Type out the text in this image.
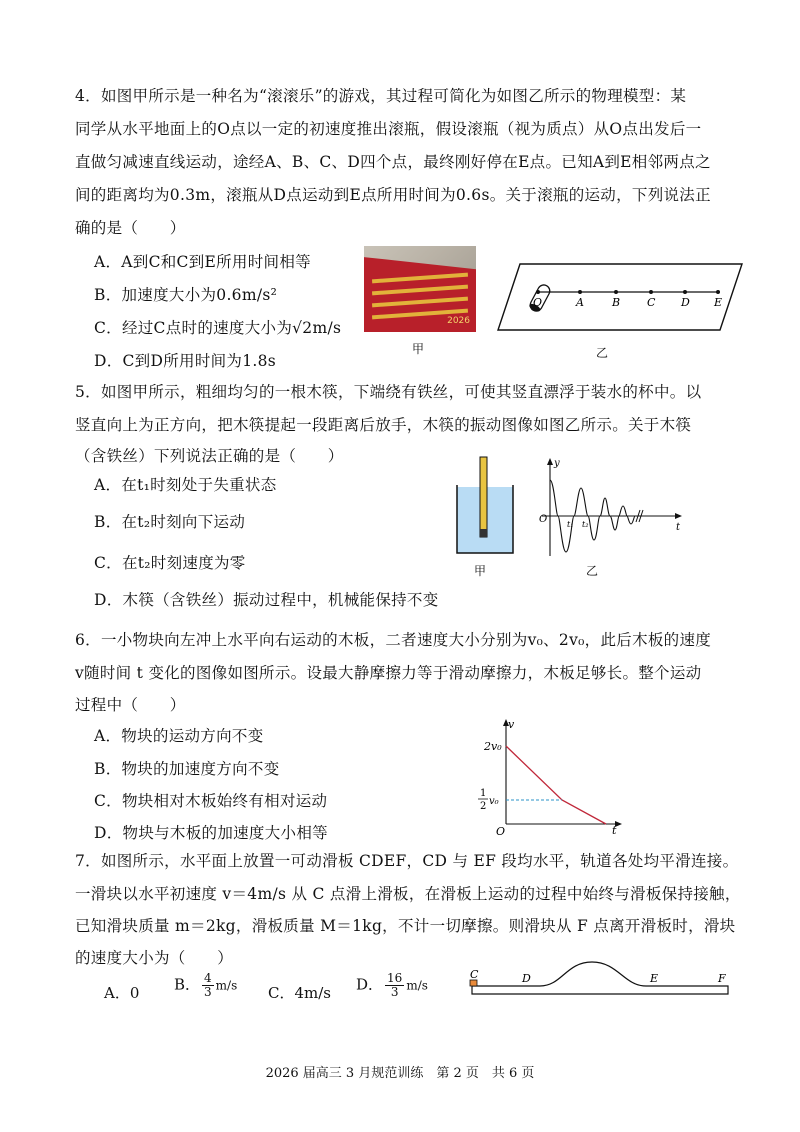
4．如图甲所示是一种名为“滚滚乐”的游戏，其过程可简化为如图乙所示的物理模型：某
同学从水平地面上的O点以一定的初速度推出滚瓶，假设滚瓶（视为质点）从O点出发后一
直做匀减速直线运动，途经A、B、C、D四个点，最终刚好停在E点。已知A到E相邻两点之
间的距离均为0.3m，滚瓶从D点运动到E点所用时间为0.6s。关于滚瓶的运动，下列说法正
确的是（　　）
A．A到C和C到E所用时间相等
B．加速度大小为0.6m/s²
C．经过C点时的速度大小为√2m/s
D．C到D所用时间为1.8s
2026
甲
O	A	B C D E
乙
5．如图甲所示，粗细均匀的一根木筷，下端绕有铁丝，可使其竖直漂浮于装水的杯中。以
竖直向上为正方向，把木筷提起一段距离后放手，木筷的振动图像如图乙所示。关于木筷
（含铁丝）下列说法正确的是（　　）
A．在t₁时刻处于失重状态
B．在t₂时刻向下运动
C．在t₂时刻速度为零
D．木筷（含铁丝）振动过程中，机械能保持不变
甲
y
t
O t₁ t₂
乙
6．一小物块向左冲上水平向右运动的木板，二者速度大小分别为v₀、2v₀，此后木板的速度
v随时间 t 变化的图像如图所示。设最大静摩擦力等于滑动摩擦力，木板足够长。整个运动
过程中（　　）
A．物块的运动方向不变
B．物块的加速度方向不变
C．物块相对木板始终有相对运动
D．物块与木板的加速度大小相等
v
t
O
2v₀
1
2 v₀
7．如图所示，水平面上放置一可动滑板 CDEF，CD 与 EF 段均水平，轨道各处均平滑连接。
一滑块以水平初速度 v＝4m/s 从 C 点滑上滑板，在滑板上运动的过程中始终与滑板保持接触，
已知滑块质量 m＝2kg，滑板质量 M＝1kg，不计一切摩擦。则滑块从 F 点离开滑板时，滑块
的速度大小为（　　）
A．0 B． $\frac{4}{3} m/s$ C．4m/s D． $\frac{16}{3} m/s$
C	D	E	F
2026 届高三 3 月规范训练　第 2 页　共 6 页
